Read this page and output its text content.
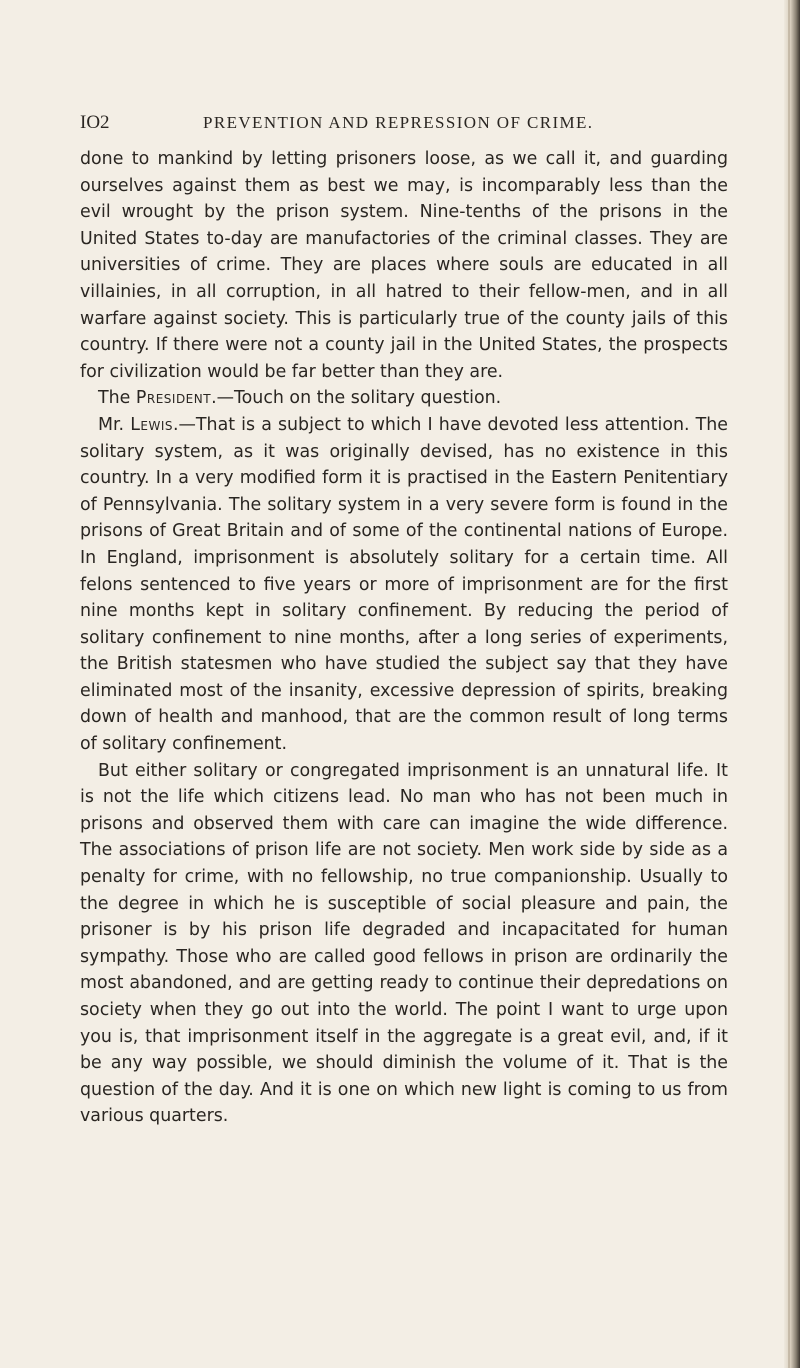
IO2	PREVENTION AND REPRESSION OF CRIME.

done to mankind by letting prisoners loose, as we call it, and guarding ourselves against them as best we may, is incomparably less than the evil wrought by the prison system. Nine-tenths of the prisons in the United States to-day are manufactories of the criminal classes. They are universities of crime. They are places where souls are educated in all villainies, in all corruption, in all hatred to their fellow-men, and in all warfare against society. This is particularly true of the county jails of this country. If there were not a county jail in the United States, the prospects for civilization would be far better than they are.

The President.—Touch on the solitary question.

Mr. Lewis.—That is a subject to which I have devoted less attention. The solitary system, as it was originally devised, has no existence in this country. In a very modified form it is practised in the Eastern Penitentiary of Pennsylvania. The solitary system in a very severe form is found in the prisons of Great Britain and of some of the continental nations of Europe. In England, imprisonment is absolutely solitary for a certain time. All felons sentenced to five years or more of imprisonment are for the first nine months kept in solitary confinement. By reducing the period of solitary confinement to nine months, after a long series of experiments, the British statesmen who have studied the subject say that they have eliminated most of the insanity, excessive depression of spirits, breaking down of health and manhood, that are the common result of long terms of solitary confinement.

But either solitary or congregated imprisonment is an unnatural life. It is not the life which citizens lead. No man who has not been much in prisons and observed them with care can imagine the wide difference. The associations of prison life are not society. Men work side by side as a penalty for crime, with no fellowship, no true companionship. Usually to the degree in which he is susceptible of social pleasure and pain, the prisoner is by his prison life degraded and incapacitated for human sympathy. Those who are called good fellows in prison are ordinarily the most abandoned, and are getting ready to continue their depredations on society when they go out into the world. The point I want to urge upon you is, that imprisonment itself in the aggregate is a great evil, and, if it be any way possible, we should diminish the volume of it. That is the question of the day. And it is one on which new light is coming to us from various quarters.
